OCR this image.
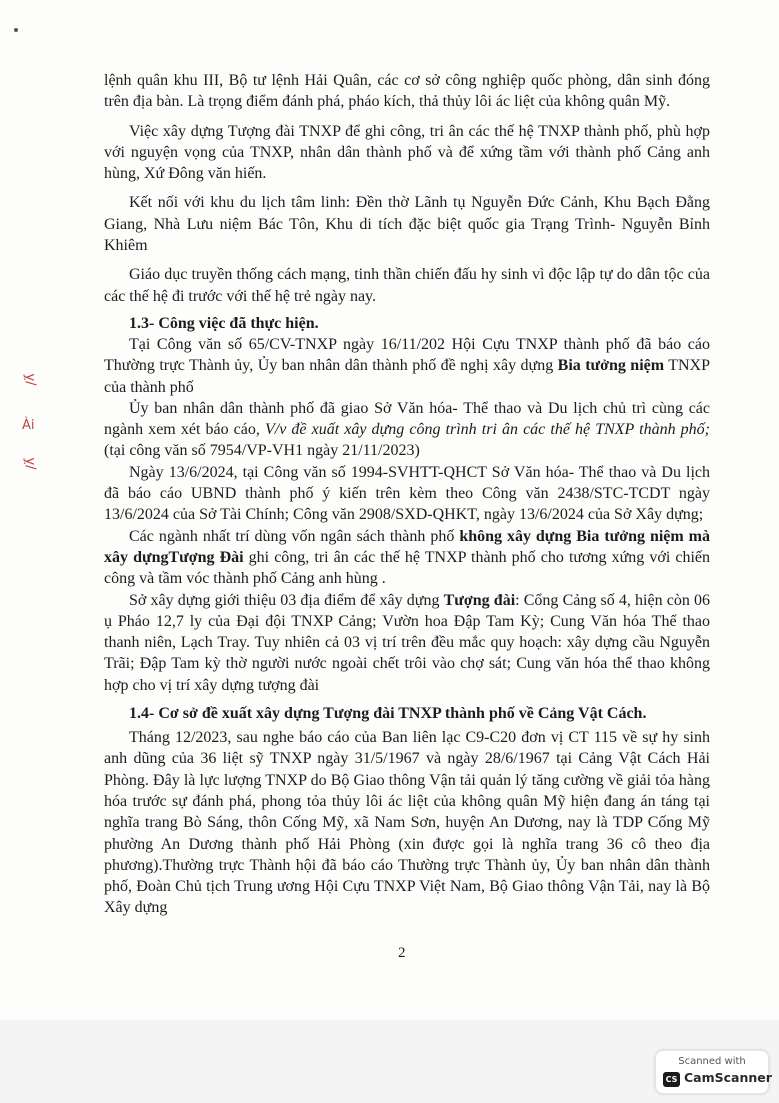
ỵ/
Ài
ỵ/

lệnh quân khu III, Bộ tư lệnh Hải Quân, các cơ sở công nghiệp quốc phòng, dân sinh đóng trên địa bàn. Là trọng điểm đánh phá, pháo kích, thả thủy lôi ác liệt của không quân Mỹ.

Việc xây dựng Tượng đài TNXP để ghi công, tri ân các thế hệ TNXP thành phố, phù hợp với nguyện vọng của TNXP, nhân dân thành phố và để xứng tầm với thành phố Cảng anh hùng, Xứ Đông văn hiến.

Kết nối với khu du lịch tâm linh: Đền thờ Lãnh tụ Nguyễn Đức Cảnh, Khu Bạch Đằng Giang, Nhà Lưu niệm Bác Tôn, Khu di tích đặc biệt quốc gia Trạng Trình- Nguyễn Bỉnh Khiêm

Giáo dục truyền thống cách mạng, tinh thần chiến đấu hy sinh vì độc lập tự do dân tộc của các thế hệ đi trước với thế hệ trẻ ngày nay.

1.3- Công việc đã thực hiện.

Tại Công văn số 65/CV-TNXP ngày 16/11/202 Hội Cựu TNXP thành phố đã báo cáo Thường trực Thành ủy, Ủy ban nhân dân thành phố đề nghị xây dựng Bia tưởng niệm TNXP của thành phố

Ủy ban nhân dân thành phố đã giao Sở Văn hóa- Thể thao và Du lịch chủ trì cùng các ngành xem xét báo cáo, V/v đề xuất xây dựng công trình tri ân các thế hệ TNXP thành phố; (tại công văn số 7954/VP-VH1 ngày 21/11/2023)

Ngày 13/6/2024, tại Công văn số 1994-SVHTT-QHCT Sở Văn hóa- Thể thao và Du lịch đã báo cáo UBND thành phố ý kiến trên kèm theo Công văn 2438/STC-TCDT ngày 13/6/2024 của Sở Tài Chính; Công văn 2908/SXD-QHKT, ngày 13/6/2024 của Sở Xây dựng;

Các ngành nhất trí dùng vốn ngân sách thành phố không xây dựng Bia tưởng niệm mà xây dựngTượng Đài ghi công, tri ân các thế hệ TNXP thành phố cho tương xứng với chiến công và tầm vóc thành phố Cảng anh hùng .

Sở xây dựng giới thiệu 03 địa điểm để xây dựng Tượng đài: Cổng Cảng số 4, hiện còn 06 ụ Pháo 12,7 ly của Đại đội TNXP Cảng; Vườn hoa Đập Tam Kỳ; Cung Văn hóa Thể thao thanh niên, Lạch Tray. Tuy nhiên cả 03 vị trí trên đều mắc quy hoạch: xây dựng cầu Nguyễn Trãi; Đập Tam kỳ thờ người nước ngoài chết trôi vào chợ sát; Cung văn hóa thể thao không hợp cho vị trí xây dựng tượng đài

1.4- Cơ sở đề xuất xây dựng Tượng đài TNXP thành phố về Cảng Vật Cách.

Tháng 12/2023, sau nghe báo cáo của Ban liên lạc C9-C20 đơn vị CT 115 về sự hy sinh anh dũng của 36 liệt sỹ TNXP ngày 31/5/1967 và ngày 28/6/1967 tại Cảng Vật Cách Hải Phòng. Đây là lực lượng TNXP do Bộ Giao thông Vận tải quản lý tăng cường về giải tỏa hàng hóa trước sự đánh phá, phong tỏa thủy lôi ác liệt của không quân Mỹ hiện đang án táng tại nghĩa trang Bò Sáng, thôn Cống Mỹ, xã Nam Sơn, huyện An Dương, nay là TDP Cống Mỹ phường An Dương thành phố Hải Phòng (xin được gọi là nghĩa trang 36 cô theo địa phương).Thường trực Thành hội đã báo cáo Thường trực Thành ủy, Ủy ban nhân dân thành phố, Đoàn Chủ tịch Trung ương Hội Cựu TNXP Việt Nam, Bộ Giao thông Vận Tải, nay là Bộ Xây dựng

2
Scanned with
CS CamScanner
